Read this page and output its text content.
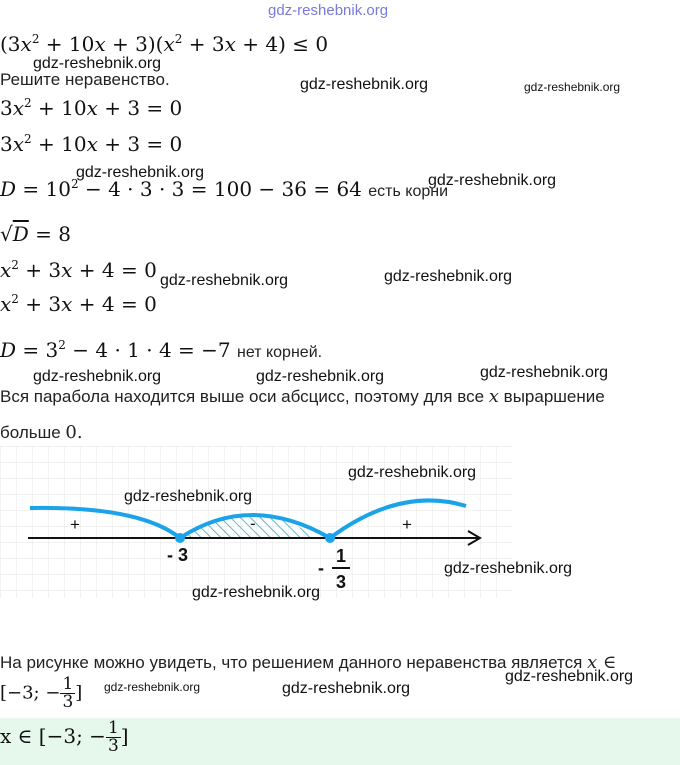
gdz-reshebnik.org
$(3x^2 + 10x + 3)(x^2 + 3x + 4) \le 0$
gdz-reshebnik.org
Решите неравенство.	gdz-reshebnik.org	gdz-reshebnik.org
$3x^2 + 10x + 3 = 0$
$3x^2 + 10x + 3 = 0$
gdz-reshebnik.org
$D = 10^2 - 4 \cdot 3 \cdot 3 = 100 - 36 = 64$ есть корни
gdz-reshebnik.org
√D = 8
$x^2 + 3x + 4 = 0$ gdz-reshebnik.org	gdz-reshebnik.org
$x^2 + 3x + 4 = 0$
$D = 3^2 - 4 \cdot 1 \cdot 4 = -7$ нет корней.
gdz-reshebnik.org	gdz-reshebnik.org	gdz-reshebnik.org
Вся парабола находится выше оси абсцисс, поэтому для все x выраршение
больше 0.
+	-	+
- 3
-
1
3
gdz-reshebnik.org
gdz-reshebnik.org
gdz-reshebnik.org
gdz-reshebnik.org
На рисунке можно увидеть, что решением данного неравенства является x ∈
[−3; − $\frac{1}{3}$ ] gdz-reshebnik.org	gdz-reshebnik.org
gdz-reshebnik.org
x ∈ [−3; − $\frac{1}{3}$ ]
